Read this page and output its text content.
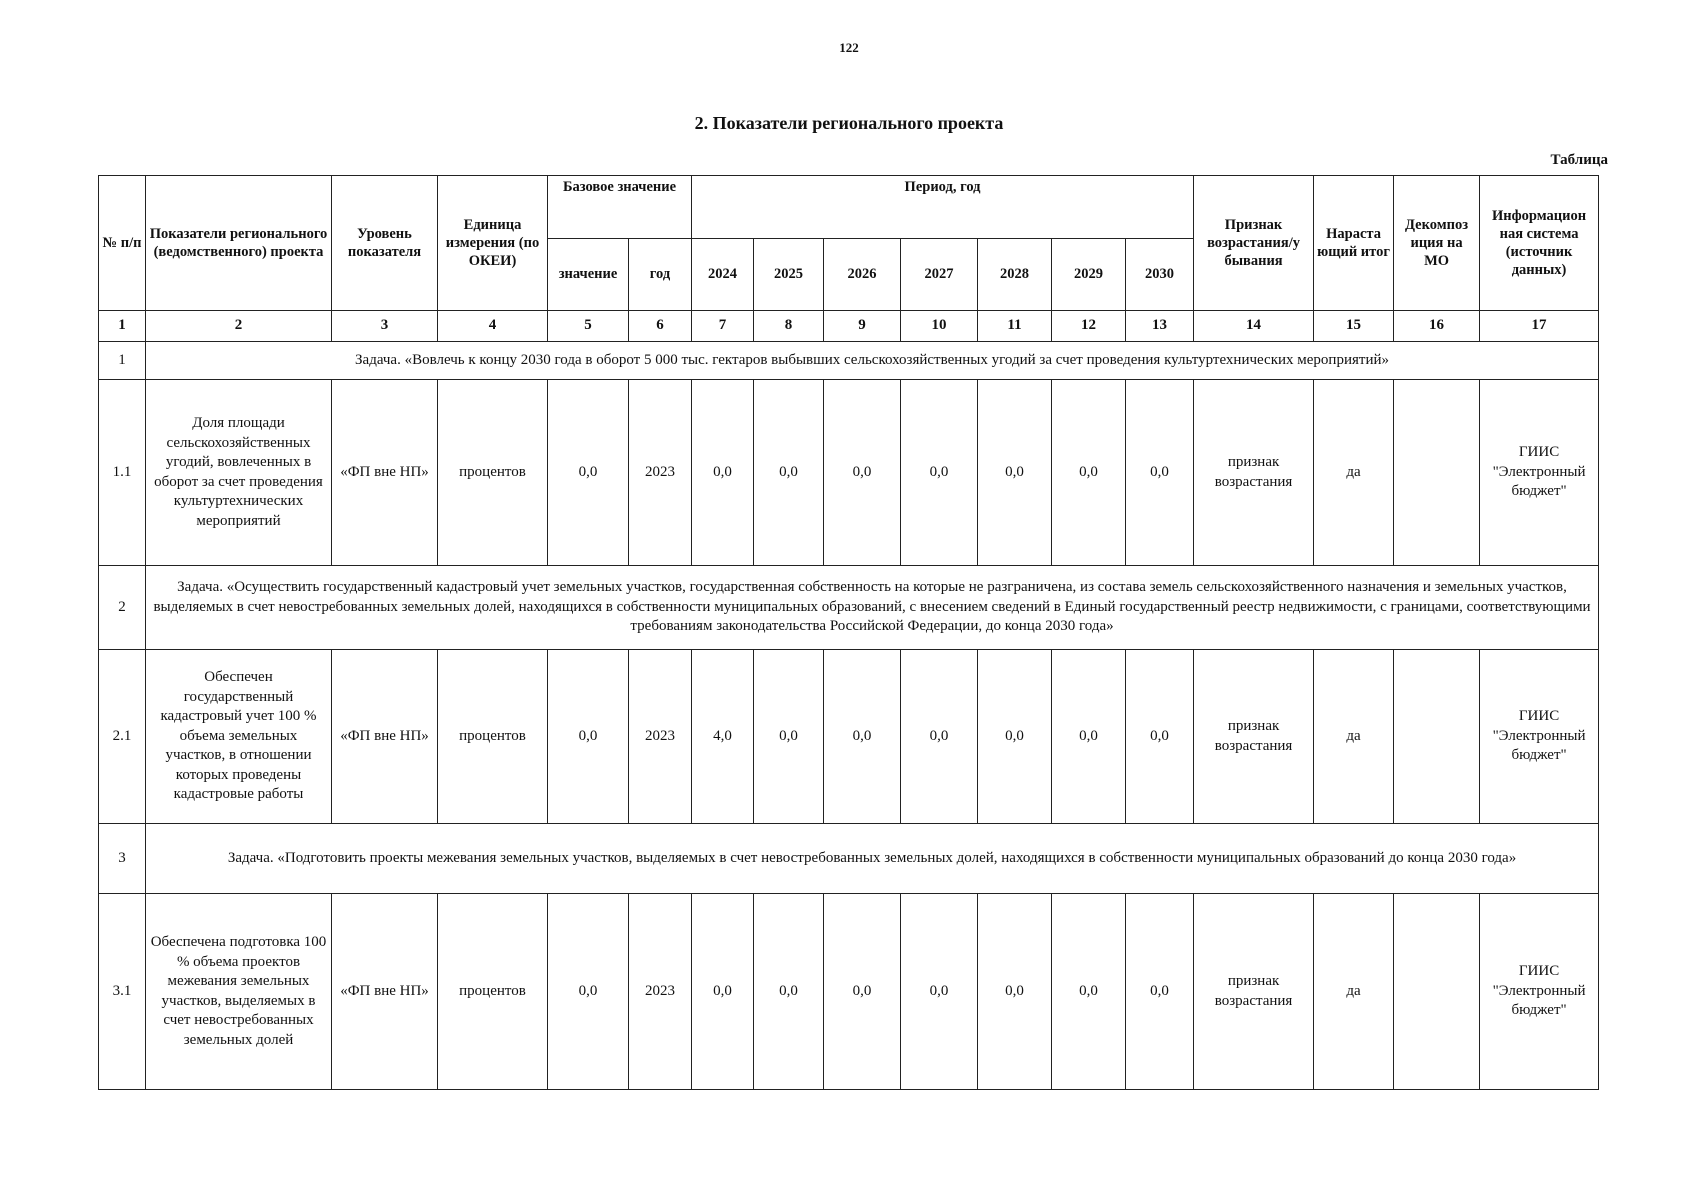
122
2. Показатели регионального проекта
Таблица
№ п/п	Показатели регионального (ведомственного) проекта	Уровень показателя	Единица измерения (по ОКЕИ)	Базовое значение		Период, год							Признак возрастания/у бывания	Нараста ющий итог	Декомпоз иция на МО	Информацион ная система (источник данных)
				значение	год	2024	2025	2026	2027	2028	2029	2030				
1	2	3	4	5	6	7	8	9	10	11	12	13	14	15	16	17
1	Задача. «Вовлечь к концу 2030 года в оборот 5 000 тыс. гектаров выбывших сельскохозяйственных угодий за счет проведения культуртехнических мероприятий»															
1.1	Доля площади сельскохозяйственных угодий, вовлеченных в оборот за счет проведения культуртехнических мероприятий	«ФП вне НП»	процентов	0,0	2023	0,0	0,0	0,0	0,0	0,0	0,0	0,0	признак возрастания	да		ГИИС "Электронный бюджет"
2	Задача. «Осуществить государственный кадастровый учет земельных участков, государственная собственность на которые не разграничена, из состава земель сельскохозяйственного назначения и земельных участков, выделяемых в счет невостребованных земельных долей, находящихся в собственности муниципальных образований, с внесением сведений в Единый государственный реестр недвижимости, с границами, соответствующими требованиям законодательства Российской Федерации, до конца 2030 года»															
2.1	Обеспечен государственный кадастровый учет 100 % объема земельных участков, в отношении которых проведены кадастровые работы	«ФП вне НП»	процентов	0,0	2023	4,0	0,0	0,0	0,0	0,0	0,0	0,0	признак возрастания	да		ГИИС "Электронный бюджет"
3	Задача. «Подготовить проекты межевания земельных участков, выделяемых в счет невостребованных земельных долей, находящихся в собственности муниципальных образований до конца 2030 года»															
3.1	Обеспечена подготовка 100 % объема проектов межевания земельных участков, выделяемых в счет невостребованных земельных долей	«ФП вне НП»	процентов	0,0	2023	0,0	0,0	0,0	0,0	0,0	0,0	0,0	признак возрастания	да		ГИИС "Электронный бюджет"
